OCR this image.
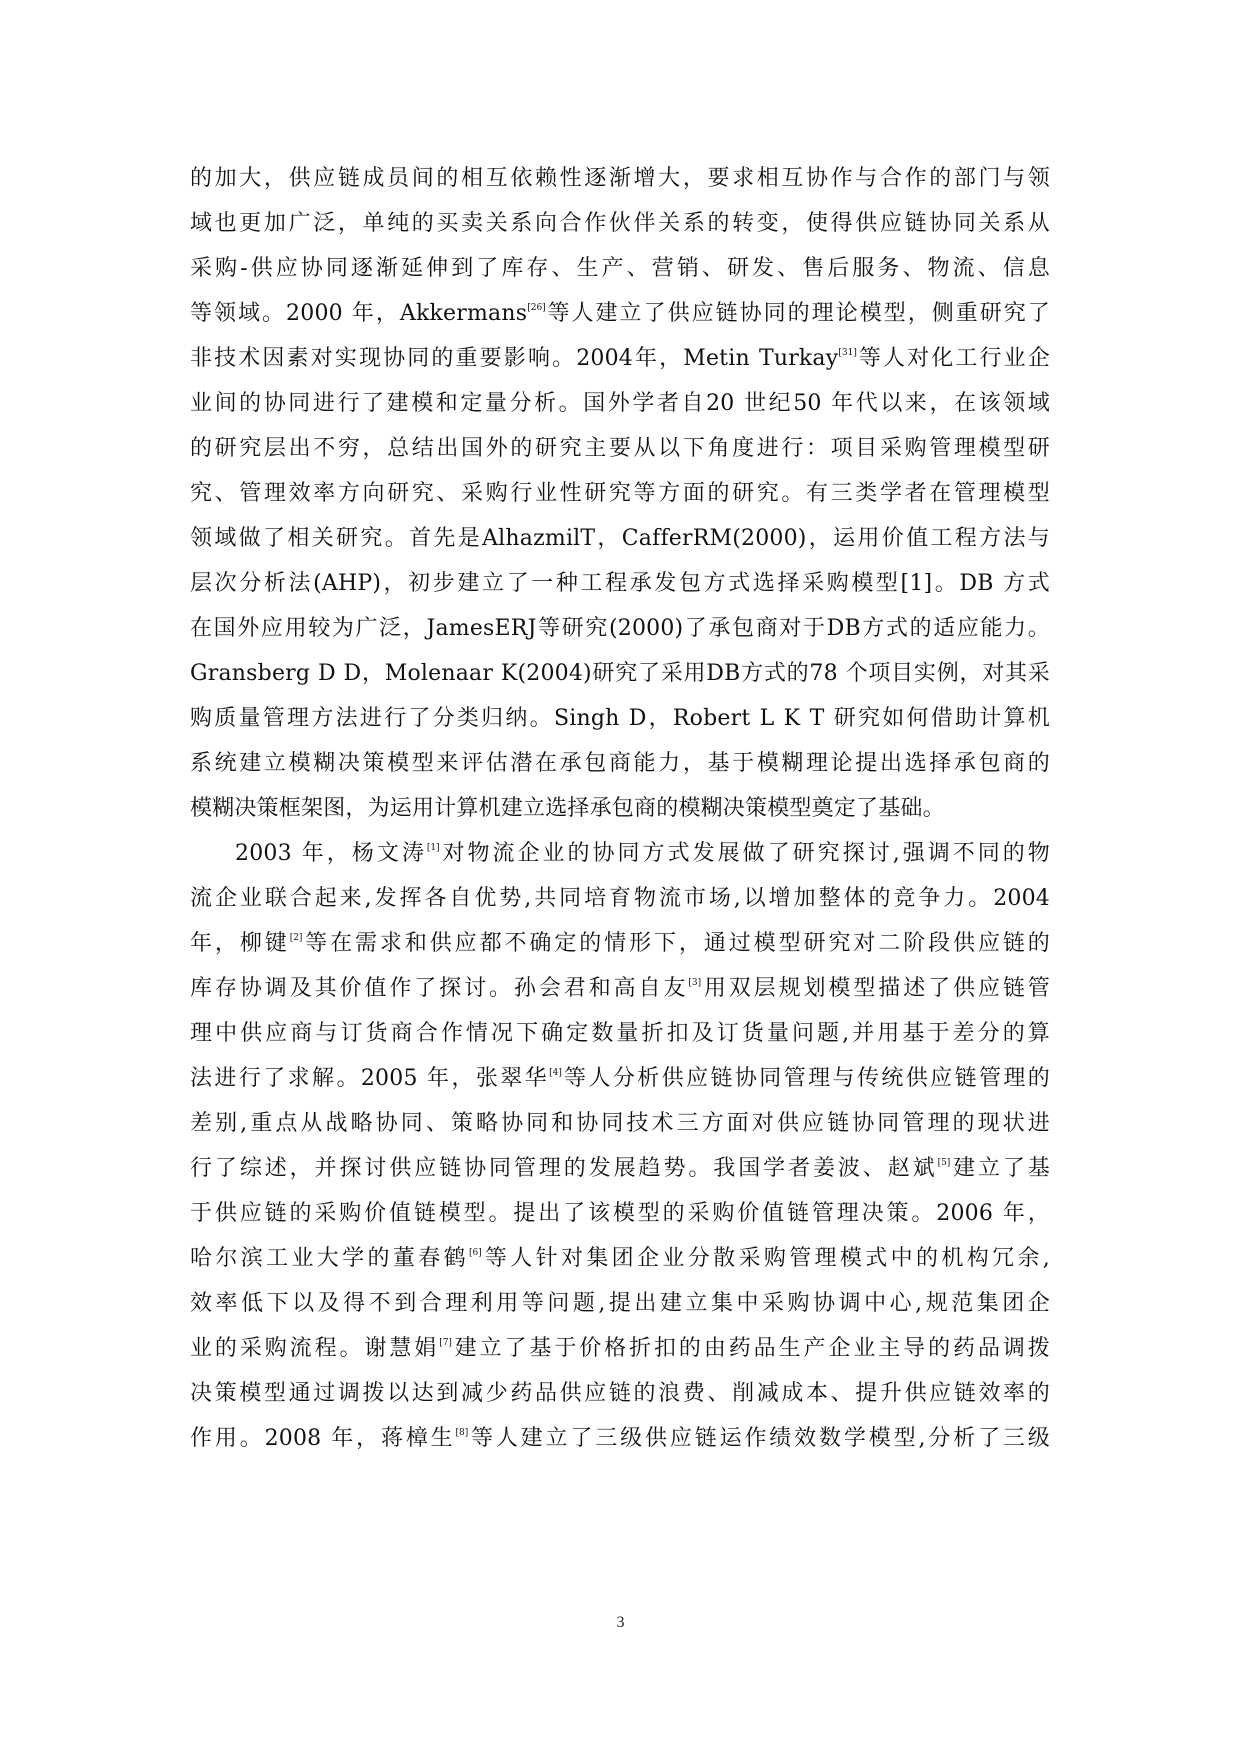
的加大，供应链成员间的相互依赖性逐渐增大，要求相互协作与合作的部门与领
域也更加广泛，单纯的买卖关系向合作伙伴关系的转变，使得供应链协同关系从
采购-供应协同逐渐延伸到了库存、生产、营销、研发、售后服务、物流、信息
等领域。2000 年，Akkermans[26]等人建立了供应链协同的理论模型，侧重研究了
非技术因素对实现协同的重要影响。2004年，Metin Turkay[31]等人对化工行业企
业间的协同进行了建模和定量分析。国外学者自20 世纪50 年代以来，在该领域
的研究层出不穷，总结出国外的研究主要从以下角度进行：项目采购管理模型研
究、管理效率方向研究、采购行业性研究等方面的研究。有三类学者在管理模型
领域做了相关研究。首先是AlhazmilT，CafferRM(2000)，运用价值工程方法与
层次分析法(AHP)，初步建立了一种工程承发包方式选择采购模型[1]。DB 方式
在国外应用较为广泛，JamesERJ等研究(2000)了承包商对于DB方式的适应能力。
Gransberg D D，Molenaar K(2004)研究了采用DB方式的78 个项目实例，对其采
购质量管理方法进行了分类归纳。Singh D，Robert L K T 研究如何借助计算机
系统建立模糊决策模型来评估潜在承包商能力，基于模糊理论提出选择承包商的
模糊决策框架图，为运用计算机建立选择承包商的模糊决策模型奠定了基础。
2003 年，杨文涛[1]对物流企业的协同方式发展做了研究探讨,强调不同的物
流企业联合起来,发挥各自优势,共同培育物流市场,以增加整体的竞争力。2004
年，柳键[2]等在需求和供应都不确定的情形下，通过模型研究对二阶段供应链的
库存协调及其价值作了探讨。孙会君和高自友[3]用双层规划模型描述了供应链管
理中供应商与订货商合作情况下确定数量折扣及订货量问题,并用基于差分的算
法进行了求解。2005 年，张翠华[4]等人分析供应链协同管理与传统供应链管理的
差别,重点从战略协同、策略协同和协同技术三方面对供应链协同管理的现状进
行了综述，并探讨供应链协同管理的发展趋势。我国学者姜波、赵斌[5]建立了基
于供应链的采购价值链模型。提出了该模型的采购价值链管理决策。2006 年，
哈尔滨工业大学的董春鹤[6]等人针对集团企业分散采购管理模式中的机构冗余,
效率低下以及得不到合理利用等问题,提出建立集中采购协调中心,规范集团企
业的采购流程。谢慧娟[7]建立了基于价格折扣的由药品生产企业主导的药品调拨
决策模型通过调拨以达到减少药品供应链的浪费、削减成本、提升供应链效率的
作用。2008 年，蒋樟生[8]等人建立了三级供应链运作绩效数学模型,分析了三级
3
